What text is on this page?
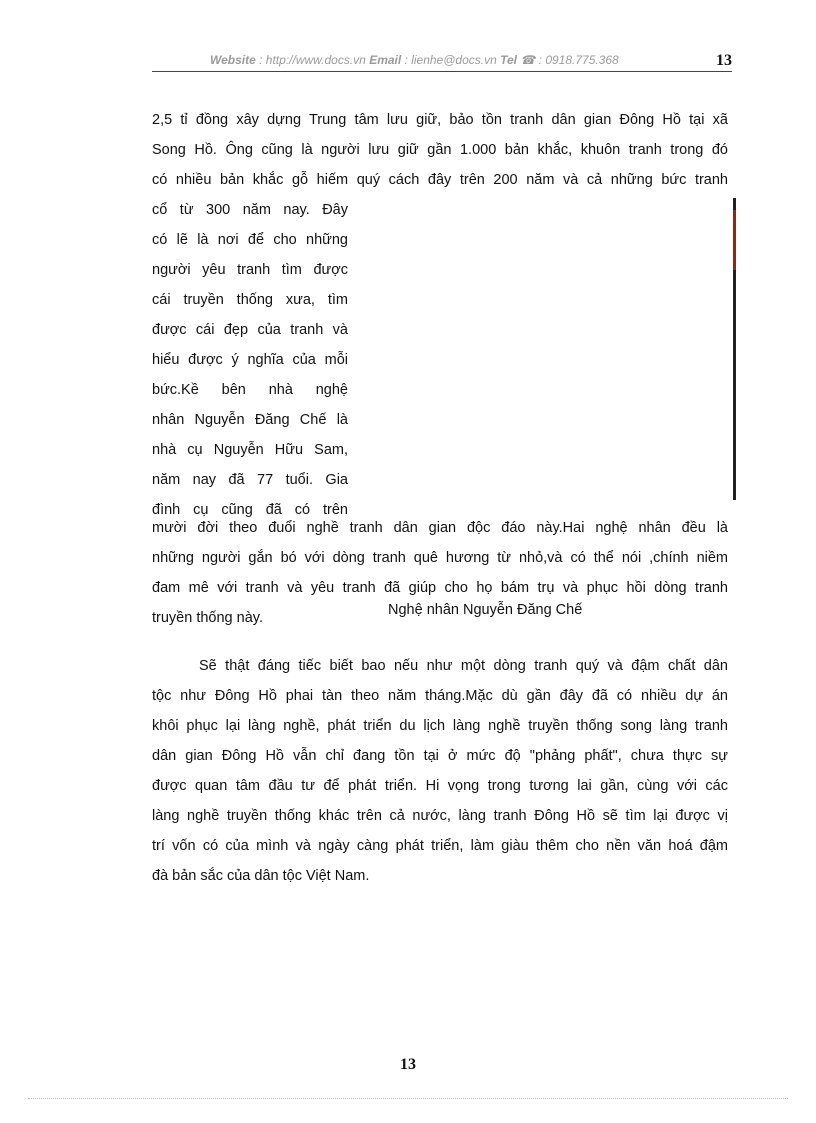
Website : http://www.docs.vn Email : lienhe@docs.vn Tel ☎ : 0918.775.368	13
2,5 tỉ đồng xây dựng Trung tâm lưu giữ, bảo tồn tranh dân gian Đông Hồ tại xã
Song Hồ. Ông cũng là người lưu giữ gần 1.000 bản khắc, khuôn tranh trong đó
có nhiều bản khắc gỗ hiếm quý cách đây trên 200 năm và cả những bức tranh
cổ từ 300 năm nay. Đây
có lẽ là nơi để cho những
người yêu tranh tìm được
cái truyền thống xưa, tìm
được cái đẹp của tranh và
hiểu được ý nghĩa của mỗi
bức.Kề bên nhà nghệ
nhân Nguyễn Đăng Chế là
nhà cụ Nguyễn Hữu Sam,
năm nay đã 77 tuổi. Gia
đình cụ cũng đã có trên
mười đời theo đuổi nghề tranh dân gian độc đáo này.Hai nghệ nhân đều là
những người gắn bó với dòng tranh quê hương từ nhỏ,và có thể nói ,chính niềm
đam mê với tranh và yêu tranh đã giúp cho họ bám trụ và phục hồi dòng tranh
truyền thống này.	Nghệ nhân Nguyễn Đăng Chế
Sẽ thật đáng tiếc biết bao nếu như một dòng tranh quý và đậm chất dân
tộc như Đông Hồ phai tàn theo năm tháng.Mặc dù gần đây đã có nhiều dự án
khôi phục lại làng nghề, phát triển du lịch làng nghề truyền thống song làng tranh
dân gian Đông Hồ vẫn chỉ đang tồn tại ở mức độ "phảng phất", chưa thực sự
được quan tâm đầu tư để phát triển. Hi vọng trong tương lai gần, cùng với các
làng nghề truyền thống khác trên cả nước, làng tranh Đông Hồ sẽ tìm lại được vị
trí vốn có của mình và ngày càng phát triển, làm giàu thêm cho nền văn hoá đậm
đà bản sắc của dân tộc Việt Nam.
13
